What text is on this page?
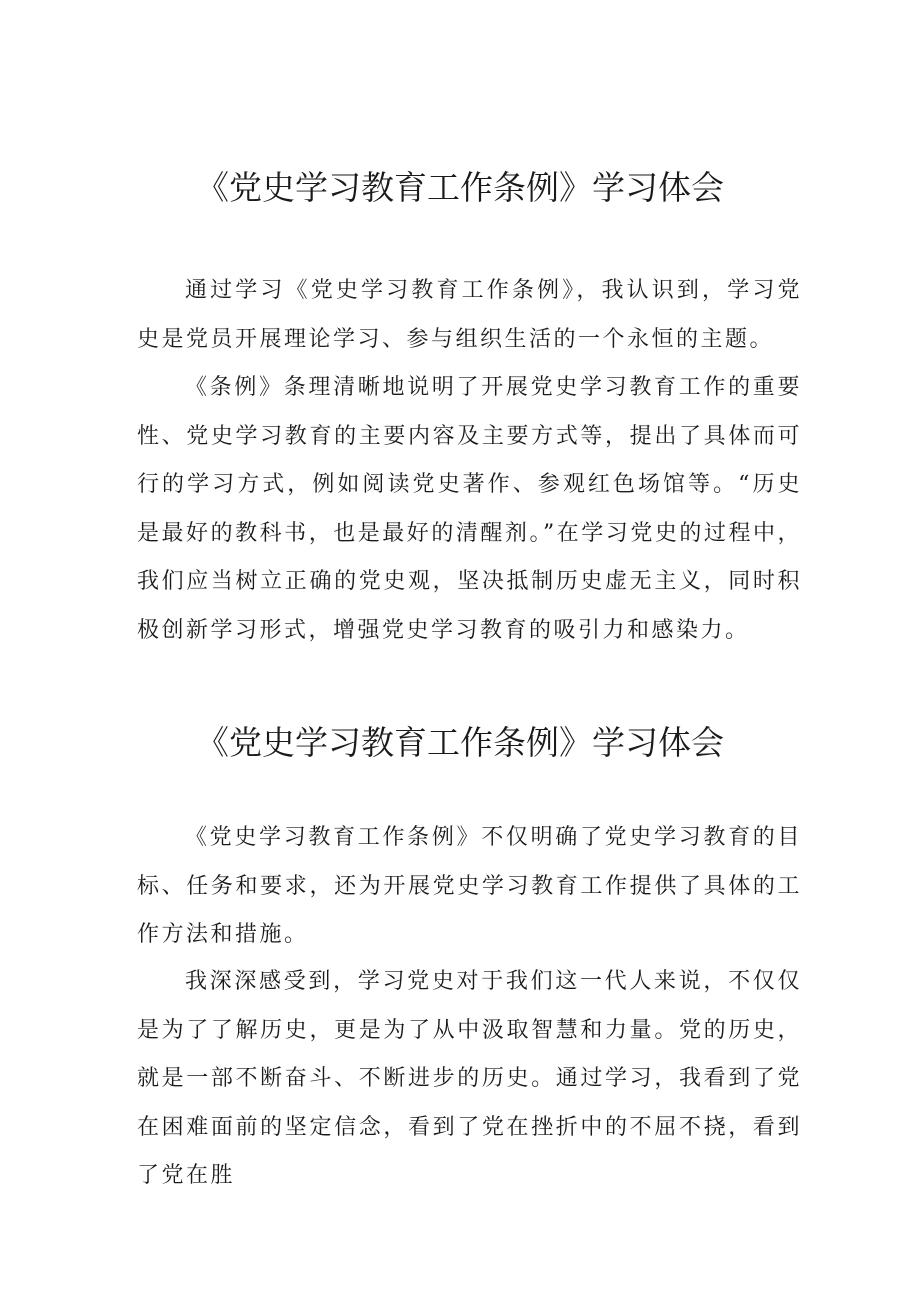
《党史学习教育工作条例》学习体会

通过学习《党史学习教育工作条例》，我认识到，学习党史是党员开展理论学习、参与组织生活的一个永恒的主题。

《条例》条理清晰地说明了开展党史学习教育工作的重要性、党史学习教育的主要内容及主要方式等，提出了具体而可行的学习方式，例如阅读党史著作、参观红色场馆等。“历史是最好的教科书，也是最好的清醒剂。”在学习党史的过程中，我们应当树立正确的党史观，坚决抵制历史虚无主义，同时积极创新学习形式，增强党史学习教育的吸引力和感染力。

《党史学习教育工作条例》学习体会

《党史学习教育工作条例》不仅明确了党史学习教育的目标、任务和要求，还为开展党史学习教育工作提供了具体的工作方法和措施。

我深深感受到，学习党史对于我们这一代人来说，不仅仅是为了了解历史，更是为了从中汲取智慧和力量。党的历史，就是一部不断奋斗、不断进步的历史。通过学习，我看到了党在困难面前的坚定信念，看到了党在挫折中的不屈不挠，看到了党在胜
